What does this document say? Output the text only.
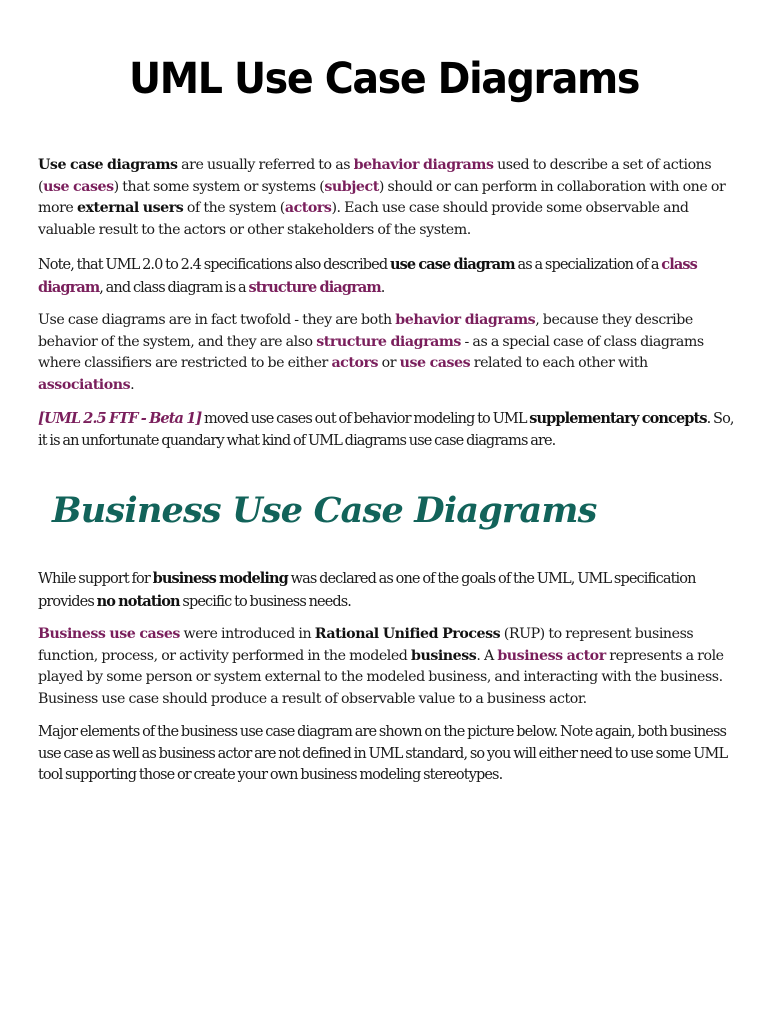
UML Use Case Diagrams

Use case diagrams are usually referred to as behavior diagrams used to describe a set of actions (use cases) that some system or systems (subject) should or can perform in collaboration with one or more external users of the system (actors). Each use case should provide some observable and valuable result to the actors or other stakeholders of the system.

Note, that UML 2.0 to 2.4 specifications also described use case diagram as a specialization of a class diagram, and class diagram is a structure diagram.

Use case diagrams are in fact twofold - they are both behavior diagrams, because they describe behavior of the system, and they are also structure diagrams - as a special case of class diagrams where classifiers are restricted to be either actors or use cases related to each other with associations.

[UML 2.5 FTF - Beta 1] moved use cases out of behavior modeling to UML supplementary concepts. So, it is an unfortunate quandary what kind of UML diagrams use case diagrams are.

Business Use Case Diagrams

While support for business modeling was declared as one of the goals of the UML, UML specification provides no notation specific to business needs.

Business use cases were introduced in Rational Unified Process (RUP) to represent business function, process, or activity performed in the modeled business. A business actor represents a role played by some person or system external to the modeled business, and interacting with the business. Business use case should produce a result of observable value to a business actor.

Major elements of the business use case diagram are shown on the picture below. Note again, both business use case as well as business actor are not defined in UML standard, so you will either need to use some UML tool supporting those or create your own business modeling stereotypes.
